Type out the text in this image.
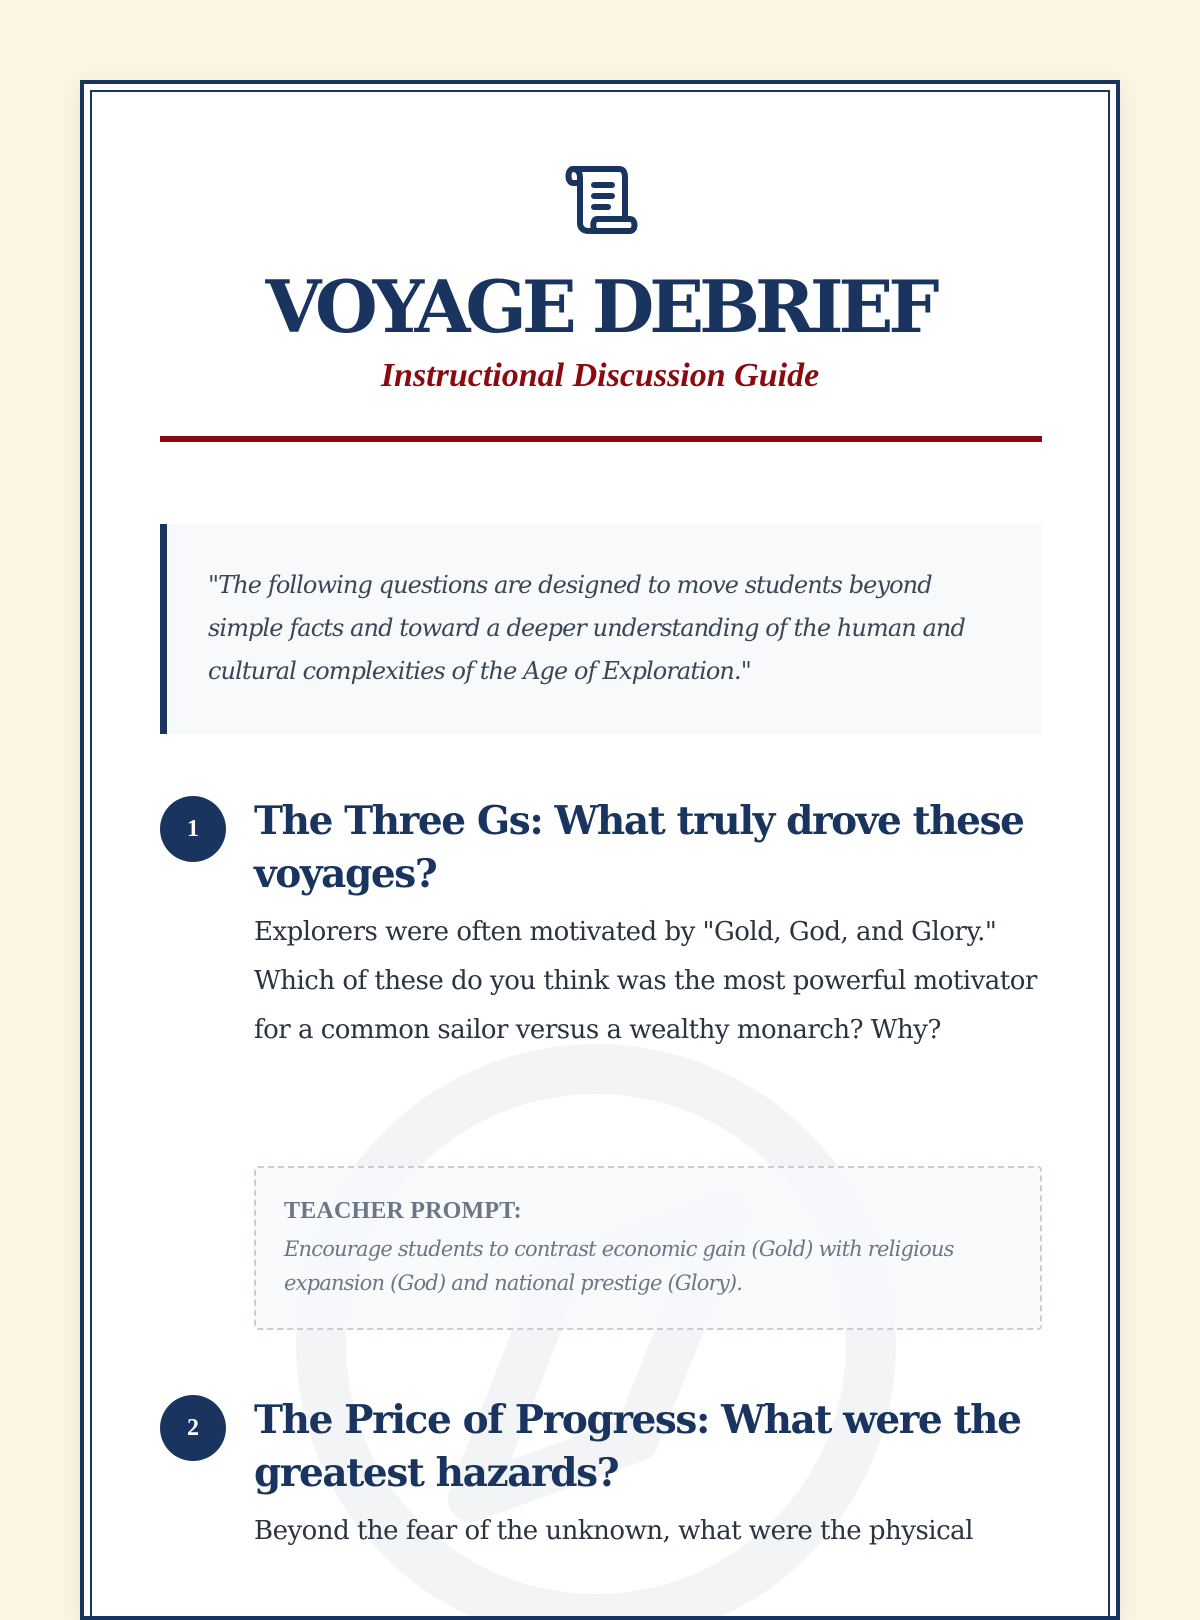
VOYAGE DEBRIEF
Instructional Discussion Guide
"The following questions are designed to move students beyond simple facts and toward a deeper understanding of the human and cultural complexities of the Age of Exploration."
1	The Three Gs: What truly drove these voyages?

Explorers were often motivated by "Gold, God, and Glory." Which of these do you think was the most powerful motivator for a common sailor versus a wealthy monarch? Why?

TEACHER PROMPT:

Encourage students to contrast economic gain (Gold) with religious expansion (God) and national prestige (Glory).

2	The Price of Progress: What were the greatest hazards?

Beyond the fear of the unknown, what were the physical
